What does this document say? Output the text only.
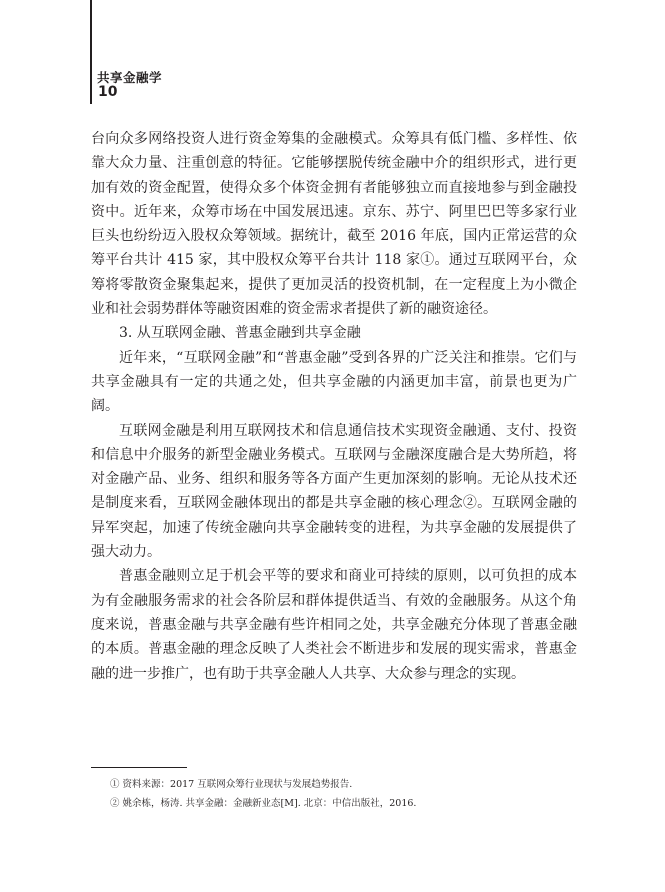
共享金融学
10

台向众多网络投资人进行资金筹集的金融模式。众筹具有低门槛、多样性、依靠大众力量、注重创意的特征。它能够摆脱传统金融中介的组织形式，进行更加有效的资金配置，使得众多个体资金拥有者能够独立而直接地参与到金融投资中。近年来，众筹市场在中国发展迅速。京东、苏宁、阿里巴巴等多家行业巨头也纷纷迈入股权众筹领域。据统计，截至 2016 年底，国内正常运营的众筹平台共计 415 家，其中股权众筹平台共计 118 家①。通过互联网平台，众筹将零散资金聚集起来，提供了更加灵活的投资机制，在一定程度上为小微企业和社会弱势群体等融资困难的资金需求者提供了新的融资途径。

3. 从互联网金融、普惠金融到共享金融

近年来，“互联网金融”和“普惠金融”受到各界的广泛关注和推崇。它们与共享金融具有一定的共通之处，但共享金融的内涵更加丰富，前景也更为广阔。

互联网金融是利用互联网技术和信息通信技术实现资金融通、支付、投资和信息中介服务的新型金融业务模式。互联网与金融深度融合是大势所趋，将对金融产品、业务、组织和服务等各方面产生更加深刻的影响。无论从技术还是制度来看，互联网金融体现出的都是共享金融的核心理念②。互联网金融的异军突起，加速了传统金融向共享金融转变的进程，为共享金融的发展提供了强大动力。

普惠金融则立足于机会平等的要求和商业可持续的原则，以可负担的成本为有金融服务需求的社会各阶层和群体提供适当、有效的金融服务。从这个角度来说，普惠金融与共享金融有些许相同之处，共享金融充分体现了普惠金融的本质。普惠金融的理念反映了人类社会不断进步和发展的现实需求，普惠金融的进一步推广，也有助于共享金融人人共享、大众参与理念的实现。

① 资料来源：2017 互联网众筹行业现状与发展趋势报告.
② 姚余栋，杨涛. 共享金融：金融新业态[M]. 北京：中信出版社，2016.
